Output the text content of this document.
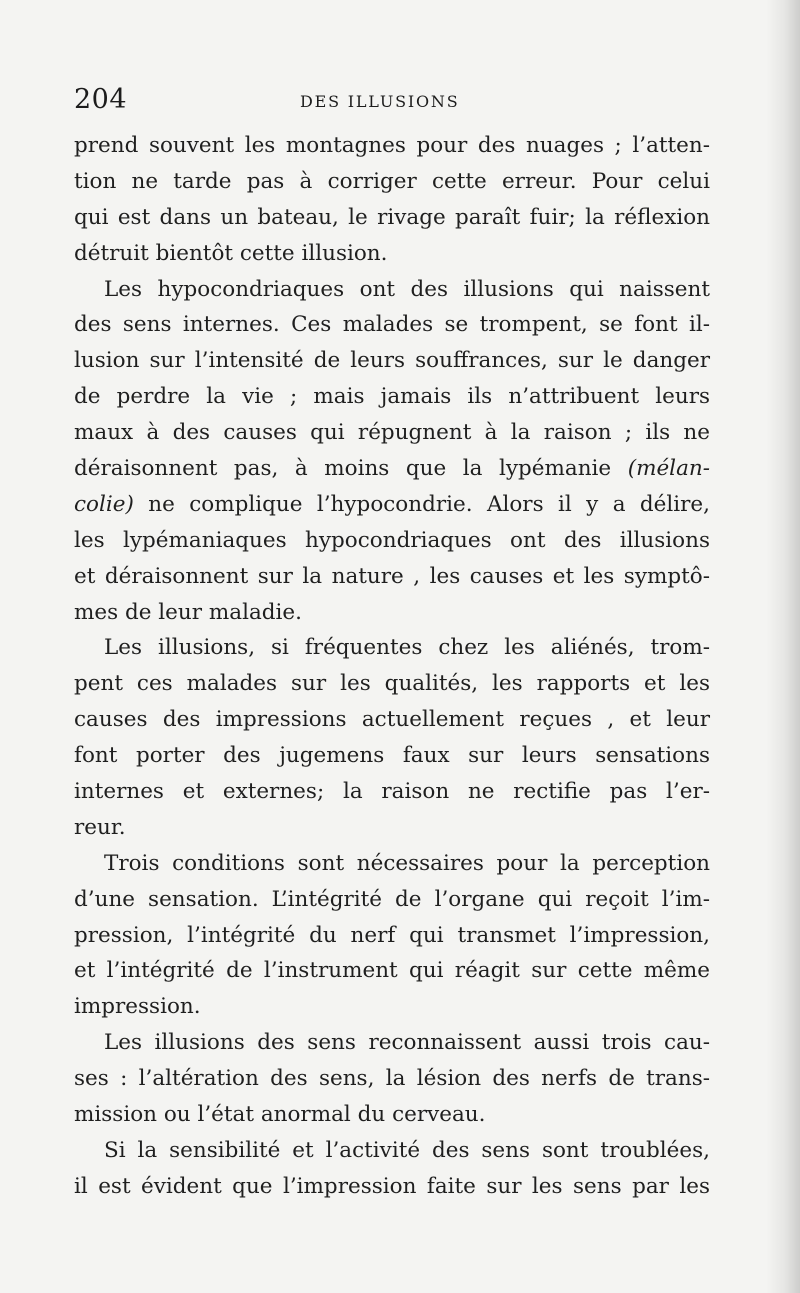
204	DES ILLUSIONS
prend souvent les montagnes pour des nuages ; l’atten-
tion ne tarde pas à corriger cette erreur. Pour celui
qui est dans un bateau, le rivage paraît fuir; la réflexion
détruit bientôt cette illusion.
Les hypocondriaques ont des illusions qui naissent
des sens internes. Ces malades se trompent, se font il-
lusion sur l’intensité de leurs souffrances, sur le danger
de perdre la vie ; mais jamais ils n’attribuent leurs
maux à des causes qui répugnent à la raison ; ils ne
déraisonnent pas, à moins que la lypémanie (mélan-
colie) ne complique l’hypocondrie. Alors il y a délire,
les lypémaniaques hypocondriaques ont des illusions
et déraisonnent sur la nature , les causes et les symptô-
mes de leur maladie.
Les illusions, si fréquentes chez les aliénés, trom-
pent ces malades sur les qualités, les rapports et les
causes des impressions actuellement reçues , et leur
font porter des jugemens faux sur leurs sensations
internes et externes; la raison ne rectifie pas l’er-
reur.
Trois conditions sont nécessaires pour la perception
d’une sensation. L’intégrité de l’organe qui reçoit l’im-
pression, l’intégrité du nerf qui transmet l’impression,
et l’intégrité de l’instrument qui réagit sur cette même
impression.
Les illusions des sens reconnaissent aussi trois cau-
ses : l’altération des sens, la lésion des nerfs de trans-
mission ou l’état anormal du cerveau.
Si la sensibilité et l’activité des sens sont troublées,
il est évident que l’impression faite sur les sens par les
